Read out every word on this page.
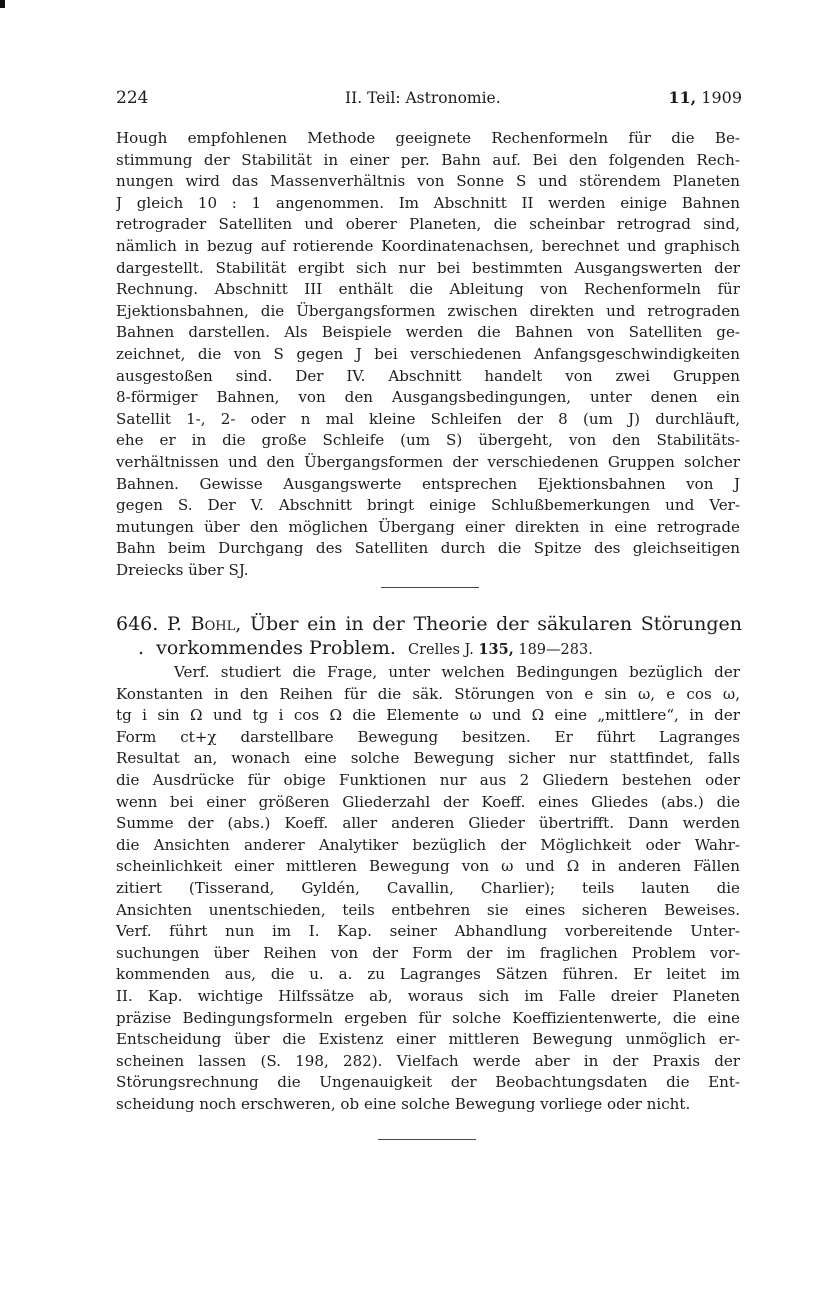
224	II. Teil: Astronomie.	11, 1909
Hough empfohlenen Methode geeignete Rechenformeln für die Be-
stimmung der Stabilität in einer per. Bahn auf. Bei den folgenden Rech-
nungen wird das Massenverhältnis von Sonne S und störendem Planeten
J gleich 10 : 1 angenommen. Im Abschnitt II werden einige Bahnen
retrograder Satelliten und oberer Planeten, die scheinbar retrograd sind,
nämlich in bezug auf rotierende Koordinatenachsen, berechnet und graphisch
dargestellt. Stabilität ergibt sich nur bei bestimmten Ausgangswerten der
Rechnung. Abschnitt III enthält die Ableitung von Rechenformeln für
Ejektionsbahnen, die Übergangsformen zwischen direkten und retrograden
Bahnen darstellen. Als Beispiele werden die Bahnen von Satelliten ge-
zeichnet, die von S gegen J bei verschiedenen Anfangsgeschwindigkeiten
ausgestoßen sind. Der IV. Abschnitt handelt von zwei Gruppen
8-förmiger Bahnen, von den Ausgangsbedingungen, unter denen ein
Satellit 1-, 2- oder n mal kleine Schleifen der 8 (um J) durchläuft,
ehe er in die große Schleife (um S) übergeht, von den Stabilitäts-
verhältnissen und den Übergangsformen der verschiedenen Gruppen solcher
Bahnen. Gewisse Ausgangswerte entsprechen Ejektionsbahnen von J
gegen S. Der V. Abschnitt bringt einige Schlußbemerkungen und Ver-
mutungen über den möglichen Übergang einer direkten in eine retrograde
Bahn beim Durchgang des Satelliten durch die Spitze des gleichseitigen
Dreiecks über SJ.
646. P. Bohl, Über ein in der Theorie der säkularen Störungen
. vorkommendes Problem. Crelles J. 135, 189—283.
Verf. studiert die Frage, unter welchen Bedingungen bezüglich der
Konstanten in den Reihen für die säk. Störungen von e sin ω, e cos ω,
tg i sin Ω und tg i cos Ω die Elemente ω und Ω eine „mittlere“, in der
Form ct+χ darstellbare Bewegung besitzen. Er führt Lagranges
Resultat an, wonach eine solche Bewegung sicher nur stattfindet, falls
die Ausdrücke für obige Funktionen nur aus 2 Gliedern bestehen oder
wenn bei einer größeren Gliederzahl der Koeff. eines Gliedes (abs.) die
Summe der (abs.) Koeff. aller anderen Glieder übertrifft. Dann werden
die Ansichten anderer Analytiker bezüglich der Möglichkeit oder Wahr-
scheinlichkeit einer mittleren Bewegung von ω und Ω in anderen Fällen
zitiert (Tisserand, Gyldén, Cavallin, Charlier); teils lauten die
Ansichten unentschieden, teils entbehren sie eines sicheren Beweises.
Verf. führt nun im I. Kap. seiner Abhandlung vorbereitende Unter-
suchungen über Reihen von der Form der im fraglichen Problem vor-
kommenden aus, die u. a. zu Lagranges Sätzen führen. Er leitet im
II. Kap. wichtige Hilfssätze ab, woraus sich im Falle dreier Planeten
präzise Bedingungsformeln ergeben für solche Koeffizientenwerte, die eine
Entscheidung über die Existenz einer mittleren Bewegung unmöglich er-
scheinen lassen (S. 198, 282). Vielfach werde aber in der Praxis der
Störungsrechnung die Ungenauigkeit der Beobachtungsdaten die Ent-
scheidung noch erschweren, ob eine solche Bewegung vorliege oder nicht.
